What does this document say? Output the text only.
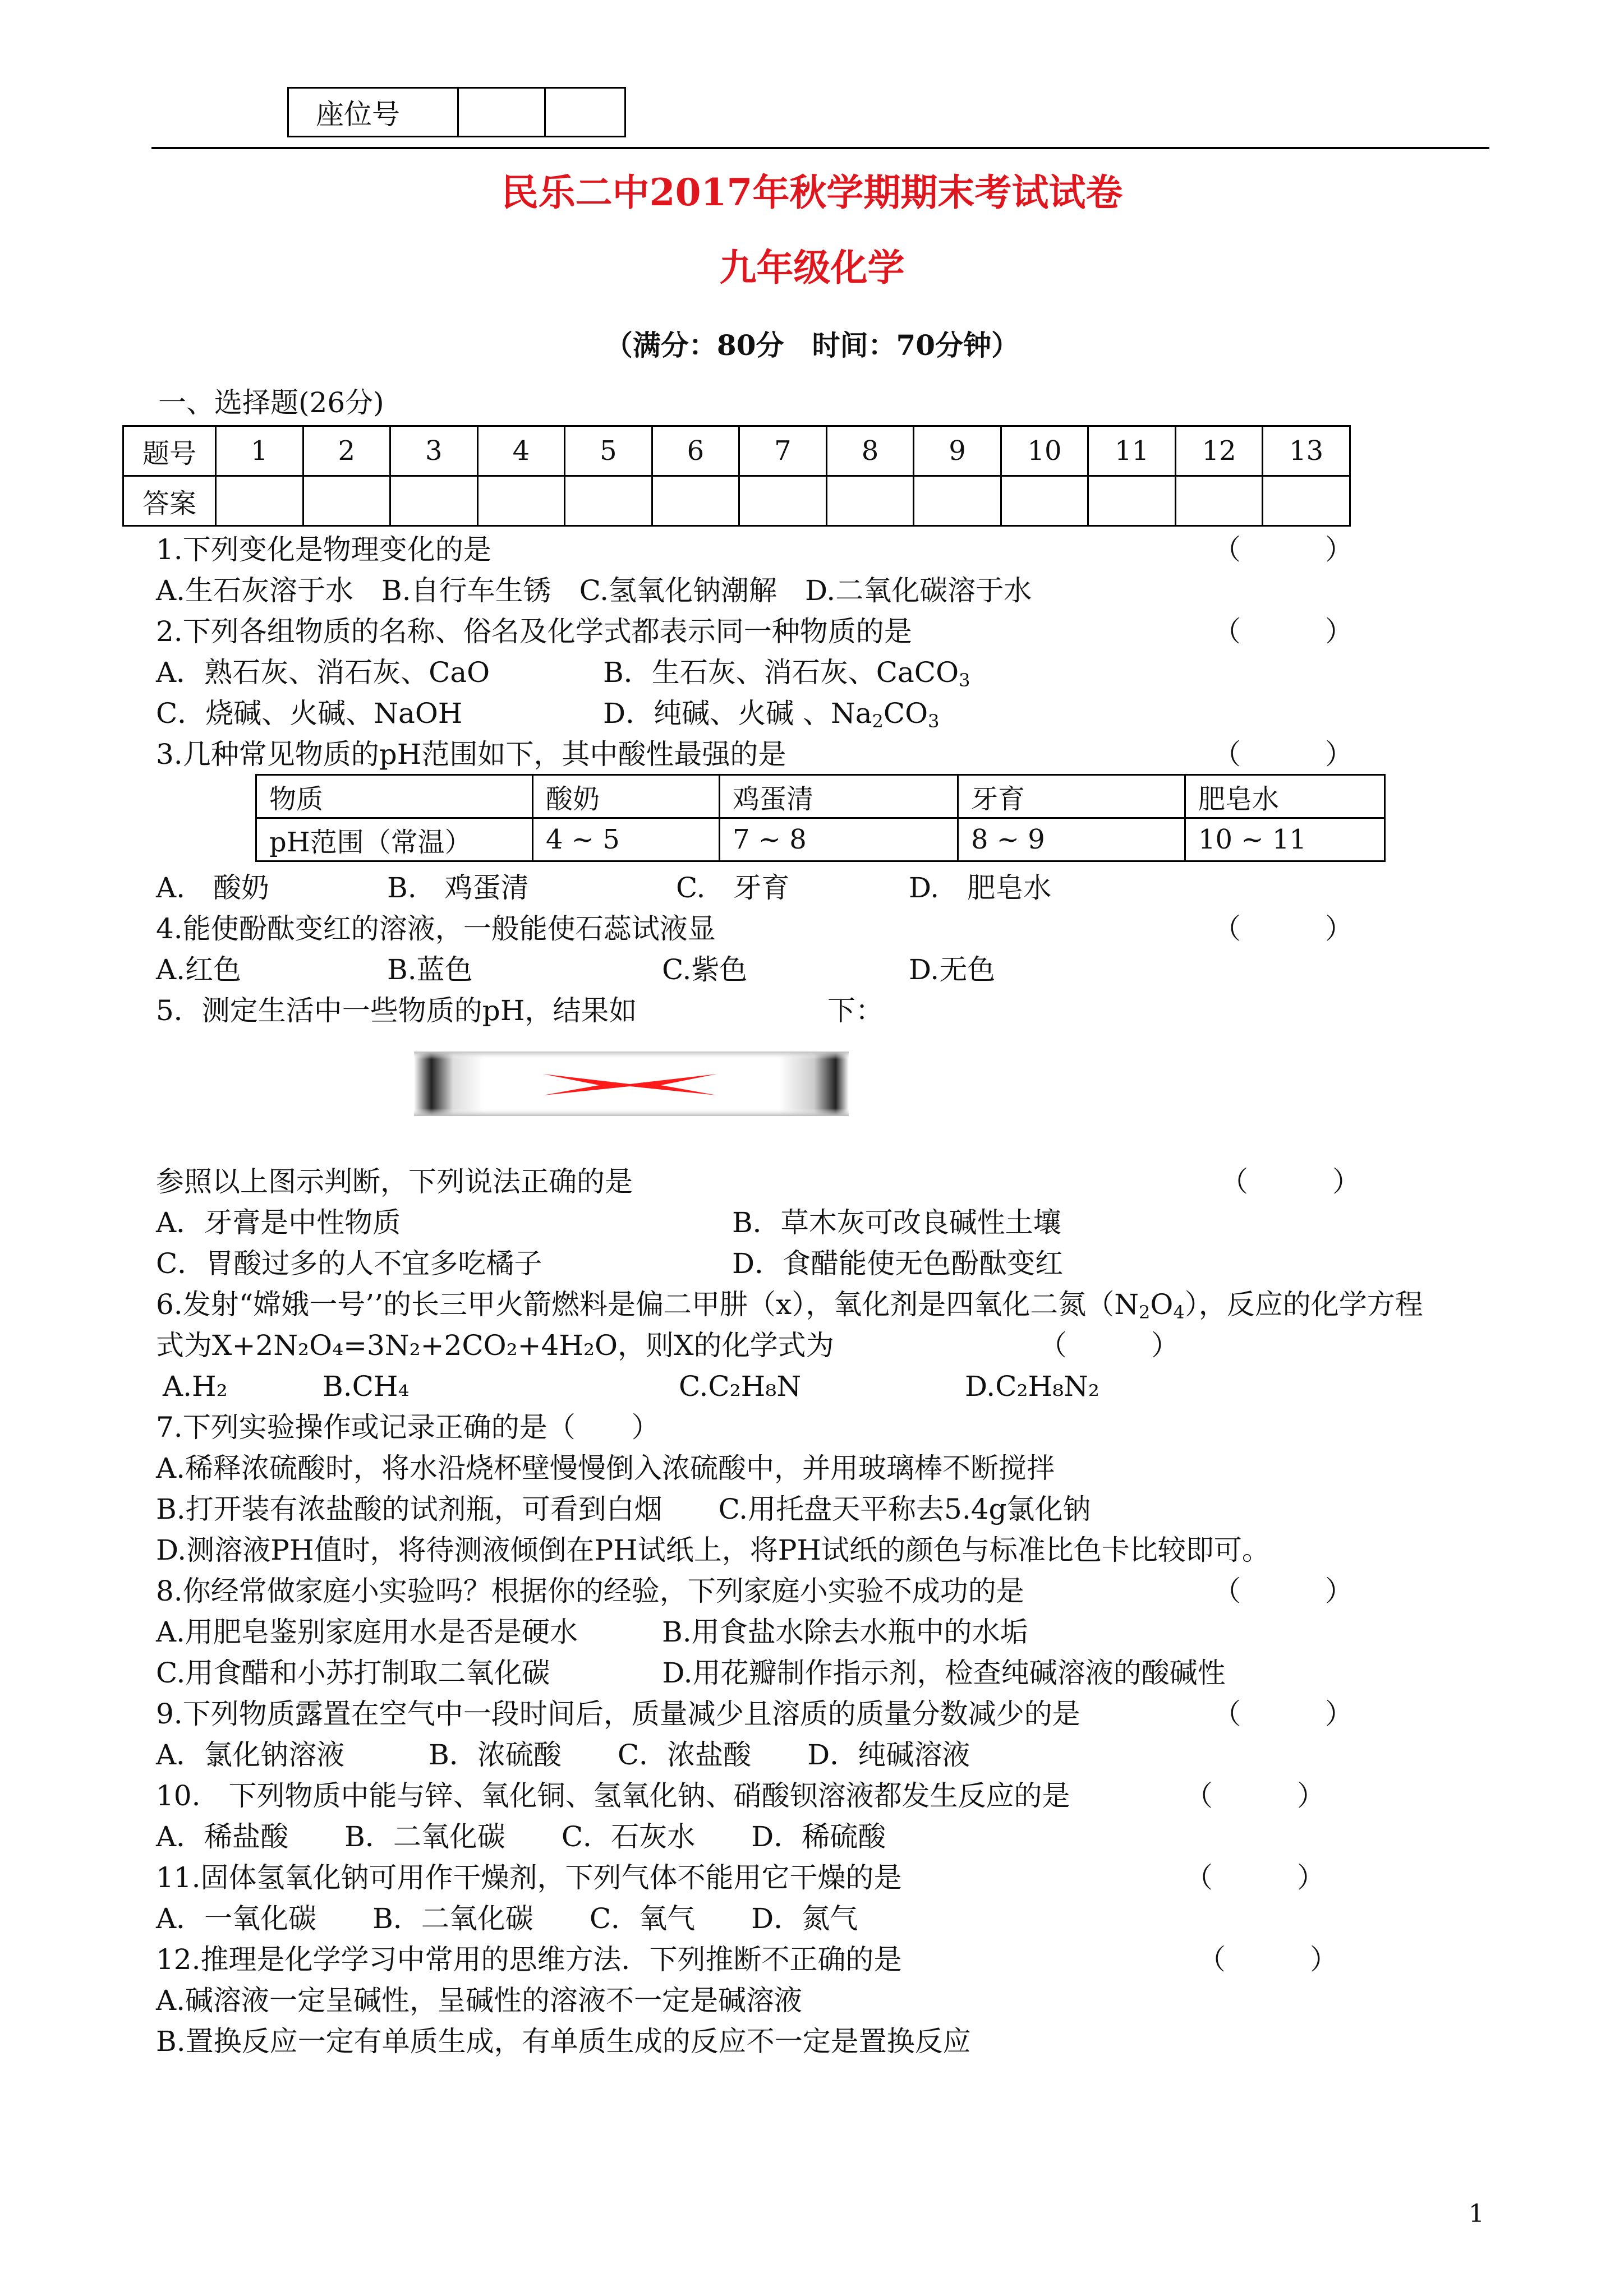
座位号		
民乐二中2017年秋学期期末考试试卷
九年级化学
（满分：80分　时间：70分钟）
一、选择题(26分)
题号	1	2	3	4	5	6	7	8	9	10	11	12	13
答案													
1.下列变化是物理变化的是	（　　　）
A.生石灰溶于水　B.自行车生锈　C.氢氧化钠潮解　D.二氧化碳溶于水
2.下列各组物质的名称、俗名及化学式都表示同一种物质的是	（　　　）
A．熟石灰、消石灰、CaO	B．生石灰、消石灰、CaCO$_3$
C．烧碱、火碱、NaOH	D．纯碱、火碱 、$Na_2CO_3$
3.几种常见物质的pH范围如下，其中酸性最强的是	（　　　）
物质	酸奶	鸡蛋清	牙育	肥皂水
pH范围（常温）	4 ~ 5	7 ~ 8	8 ~ 9	10 ~ 11
A.　酸奶	B.　鸡蛋清	C.　牙育	D.　肥皂水
4.能使酚酞变红的溶液，一般能使石蕊试液显	（　　　）
A.红色	B.蓝色	C.紫色	D.无色
5．测定生活中一些物质的pH，结果如	下：
参照以上图示判断，下列说法正确的是	（　　　）
A．牙膏是中性物质	B．草木灰可改良碱性土壤
C．胃酸过多的人不宜多吃橘子	D．食醋能使无色酚酞变红
6.发射“嫦娥一号’’的长三甲火箭燃料是偏二甲肼（x），氧化剂是四氧化二氮$(N_2O_4)$，反应的化学方程
式为X+2N₂O₄=3N₂+2CO₂+4H₂O，则X的化学式为	（　　　）
A.H₂	B.CH₄	C.C₂H₈N	D.C₂H₈N₂
7.下列实验操作或记录正确的是（　　）
A.稀释浓硫酸时，将水沿烧杯壁慢慢倒入浓硫酸中，并用玻璃棒不断搅拌
B.打开装有浓盐酸的试剂瓶，可看到白烟　　C.用托盘天平称去5.4g氯化钠
D.测溶液PH值时，将待测液倾倒在PH试纸上，将PH试纸的颜色与标准比色卡比较即可。
8.你经常做家庭小实验吗？根据你的经验，下列家庭小实验不成功的是	（　　　）
A.用肥皂鉴别家庭用水是否是硬水　　　B.用食盐水除去水瓶中的水垢
C.用食醋和小苏打制取二氧化碳　　　　D.用花瓣制作指示剂，检查纯碱溶液的酸碱性
9.下列物质露置在空气中一段时间后，质量减少且溶质的质量分数减少的是	（　　　）
A．氯化钠溶液　　　B．浓硫酸　　C．浓盐酸　　D．纯碱溶液
10.　下列物质中能与锌、氧化铜、氢氧化钠、硝酸钡溶液都发生反应的是	（　　　）
A．稀盐酸　　B．二氧化碳　　C．石灰水　　D．稀硫酸
11.固体氢氧化钠可用作干燥剂，下列气体不能用它干燥的是	（　　　）
A．一氧化碳　　B．二氧化碳　　C．氧气　　D．氮气
12.推理是化学学习中常用的思维方法．下列推断不正确的是	（　　　）
A.碱溶液一定呈碱性，呈碱性的溶液不一定是碱溶液
B.置换反应一定有单质生成，有单质生成的反应不一定是置换反应
1
